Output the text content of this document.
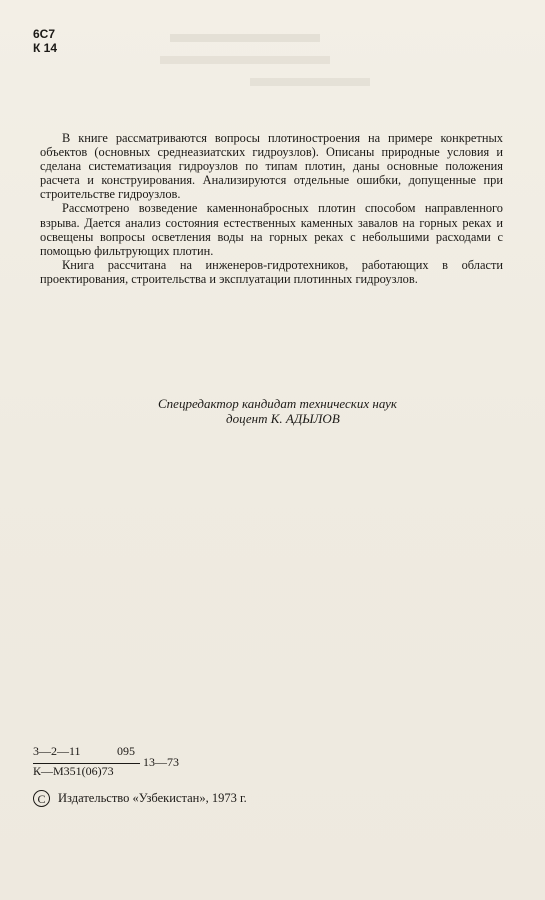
6С7
К 14

В книге рассматриваются вопросы плотиностроения на примере конкретных объектов (основных среднеазиатских гидроузлов). Описаны природные условия и сделана систематизация гидроузлов по типам плотин, даны основные положения расчета и конструирования. Анализируются отдельные ошибки, допущенные при строительстве гидроузлов.

Рассмотрено возведение каменнонабросных плотин способом направленного взрыва. Дается анализ состояния естественных каменных завалов на горных реках и освещены вопросы осветления воды на горных реках с небольшими расходами с помощью фильтрующих плотин.

Книга рассчитана на инженеров-гидротехников, работающих в области проектирования, строительства и эксплуатации плотинных гидроузлов.

Спецредактор кандидат технических наук
доцент К. АДЫЛОВ
3—2—11	095
К—М351(06)73
13—73
C	Издательство «Узбекистан», 1973 г.
